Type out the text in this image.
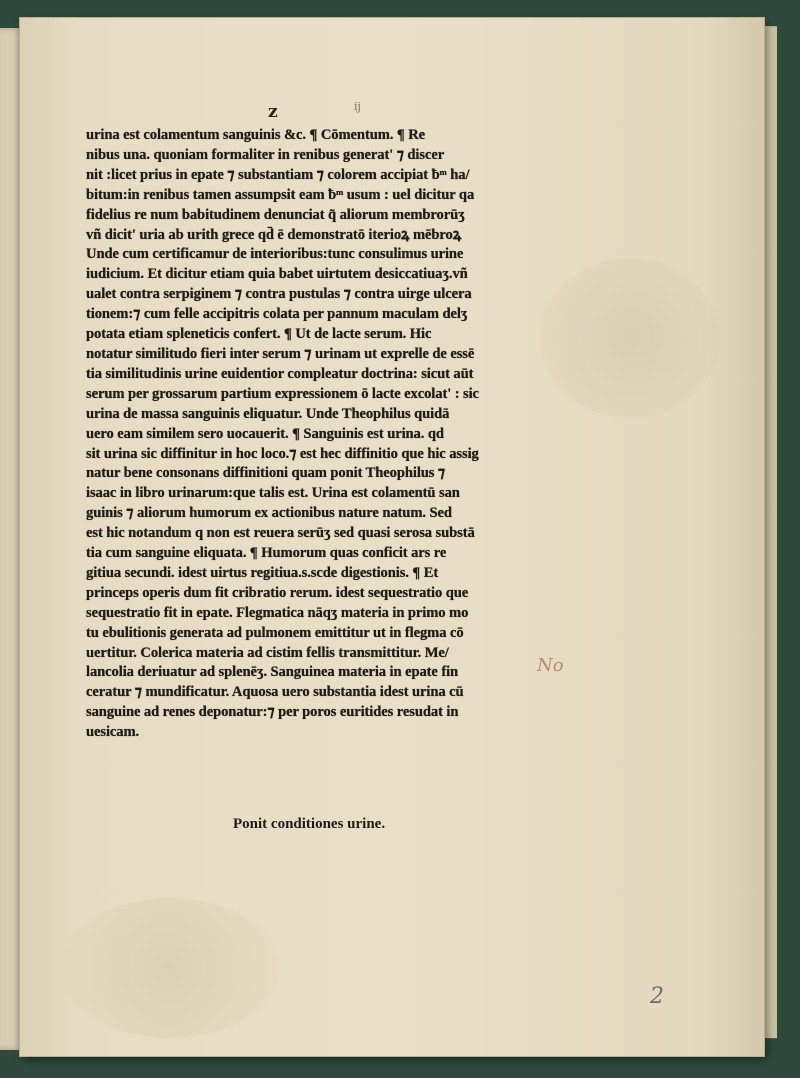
z	ij
urina est colamentum sanguinis &c. ¶ Cōmentum. ¶ Re
nibus una. quoniam formaliter in renibus generat' ⁊ discer
nit :licet prius in epate ⁊ substantiam ⁊ colorem accipiat ƀᵐ ha/
bitum:in renibus tamen assumpsit eam ƀᵐ usum : uel dicitur qa
fidelius re num babitudinem denunciat q̃ aliorum membrorūʒ
vñ dicit' uria ab urith grece qd̄ ē demonstratō iterioꝝ mēbroꝝ
Unde cum certificamur de interioribus:tunc consulimus urine
iudicium. Et dicitur etiam quia babet uirtutem desiccatiuaʒ.vñ
ualet contra serpiginem ⁊ contra pustulas ⁊ contra uirge ulcera
tionem:⁊ cum felle accipitris colata per pannum maculam delʒ
potata etiam spleneticis confert. ¶ Ut de lacte serum. Hic
notatur similitudo fieri inter serum ⁊ urinam ut exprelle de essē
tia similitudinis urine euidentior compleatur doctrina: sicut aūt
serum per grossarum partium expressionem ō lacte excolat' : sic
urina de massa sanguinis eliquatur. Unde Theophilus quidā
uero eam similem sero uocauerit. ¶ Sanguinis est urina. qd
sit urina sic diffinitur in hoc loco.⁊ est hec diffinitio que hic assig
natur bene consonans diffinitioni quam ponit Theophilus ⁊
isaac in libro urinarum:que talis est. Urina est colamentū san
guinis ⁊ aliorum humorum ex actionibus nature natum. Sed
est hic notandum q non est reuera serūʒ sed quasi serosa substā
tia cum sanguine eliquata. ¶ Humorum quas conficit ars re
gitiua secundi. idest uirtus regitiua.s.scde digestionis. ¶ Et
princeps operis dum fit cribratio rerum. idest sequestratio que
sequestratio fit in epate. Flegmatica nāqʒ materia in primo mo
tu ebulitionis generata ad pulmonem emittitur ut in flegma cō
uertitur. Colerica materia ad cistim fellis transmittitur. Me/
lancolia deriuatur ad splenēʒ. Sanguinea materia in epate fin
ceratur ⁊ mundificatur. Aquosa uero substantia idest urina cū
sanguine ad renes deponatur:⁊ per poros euritides resudat in
uesicam.
Ponit conditiones urine.
No
2
